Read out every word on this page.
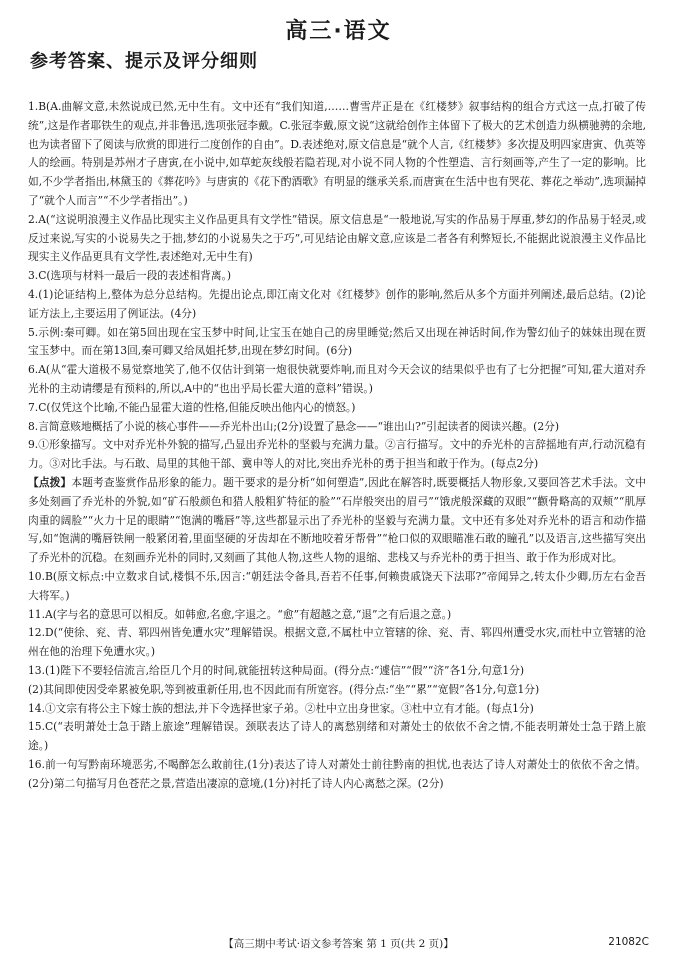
高三·语文
参考答案、提示及评分细则

1.B(A.曲解文意,未然说成已然,无中生有。文中还有“我们知道,……曹雪芹正是在《红楼梦》叙事结构的组合方式这一点,打破了传统”,这是作者耶铁生的观点,并非鲁迅,选项张冠李戴。C.张冠李戴,原文说“这就给创作主体留下了极大的艺术创造力纵横驰骋的余地,也为读者留下了阅读与欣赏的即进行二度创作的自由”。D.表述绝对,原文信息是“就个人言,《红楼梦》多次提及明四家唐寅、仇英等人的绘画。特别是苏州才子唐寅,在小说中,如草蛇灰线般若隐若现,对小说不同人物的个性塑造、言行刻画等,产生了一定的影响。比如,不少学者指出,林黛玉的《葬花吟》与唐寅的《花下酌酒歌》有明显的继承关系,而唐寅在生活中也有哭花、葬花之举动”,选项漏掉了“就个人而言”“不少学者指出”。)

2.A(“这说明浪漫主义作品比现实主义作品更具有文学性”错误。原文信息是“一般地说,写实的作品易于厚重,梦幻的作品易于轻灵,或反过来说,写实的小说易失之于拙,梦幻的小说易失之于巧”,可见结论由解文意,应该是二者各有利弊短长,不能据此说浪漫主义作品比现实主义作品更具有文学性,表述绝对,无中生有)

3.C(选项与材料一最后一段的表述相背离。)

4.(1)论证结构上,整体为总分总结构。先提出论点,即江南文化对《红楼梦》创作的影响,然后从多个方面并列阐述,最后总结。(2)论证方法上,主要运用了例证法。(4分)

5.示例:秦可卿。如在第5回出现在宝玉梦中时间,让宝玉在她自己的房里睡觉;然后又出现在神话时间,作为警幻仙子的妹妹出现在贾宝玉梦中。而在第13回,秦可卿又给凤姐托梦,出现在梦幻时间。(6分)

6.A(从“霍大道极不易觉察地笑了,他不仅估计到第一炮很快就要炸响,而且对今天会议的结果似乎也有了七分把握”可知,霍大道对乔光朴的主动请缨是有预料的,所以,A中的“也出乎局长霍大道的意料”错误。)

7.C(仅凭这个比喻,不能凸显霍大道的性格,但能反映出他内心的愤怒。)

8.言简意赅地概括了小说的核心事件——乔光朴出山;(2分)设置了悬念——“谁出山?”引起读者的阅读兴趣。(2分)

9.①形象描写。文中对乔光朴外貌的描写,凸显出乔光朴的坚毅与充满力量。②言行描写。文中的乔光朴的言辞摇地有声,行动沉稳有力。③对比手法。与石敢、局里的其他干部、冀申等人的对比,突出乔光朴的勇于担当和敢于作为。(每点2分)

【点拨】本题考查鉴赏作品形象的能力。题干要求的是分析“如何塑造”,因此在解答时,既要概括人物形象,又要回答艺术手法。文中多处刻画了乔光朴的外貌,如“矿石般颜色和猎人般粗犷特征的脸”“石岸般突出的眉弓”“饿虎般深藏的双眼”“颧骨略高的双颊”“肌厚肉重的阔脸”“火力十足的眼睛”“饱满的嘴唇”等,这些都显示出了乔光朴的坚毅与充满力量。文中还有多处对乔光朴的语言和动作描写,如“饱满的嘴唇铁闸一般紧闭着,里面坚硬的牙齿却在不断地咬着牙帮骨”“枪口似的双眼瞄准石敢的瞳孔”以及语言,这些描写突出了乔光朴的沉稳。在刻画乔光朴的同时,又刻画了其他人物,这些人物的退缩、悲栈又与乔光朴的勇于担当、敢于作为形成对比。

10.B(原文标点:中立数求自试,楼惧不乐,因言:“朝廷法令备具,吾若不任事,何赖贵戚饶天下法耶?”帝闻异之,转太仆少卿,历左右金吾大将军。)

11.A(字与名的意思可以相反。如韩愈,名愈,字退之。“愈”有超越之意,“退”之有后退之意。)

12.D(“使徐、兖、青、郓四州皆免遭水灾”理解错误。根据文意,不属杜中立管辖的徐、兖、青、郓四州遭受水灾,而杜中立管辖的沧州在他的治理下免遭水灾。)

13.(1)陛下不要轻信流言,给臣几个月的时间,就能扭转这种局面。(得分点:“遽信”“假”“济”各1分,句意1分)
(2)其间即使因受牵累被免职,等到被重新任用,也不因此而有所宽容。(得分点:“坐”“累”“宽假”各1分,句意1分)

14.①文宗有将公主下嫁士族的想法,并下令选择世家子弟。②杜中立出身世家。③杜中立有才能。(每点1分)

15.C(“表明萧处士急于踏上旅途”理解错误。颈联表达了诗人的离愁别绪和对萧处士的依依不舍之情,不能表明萧处士急于踏上旅途。)

16.前一句写黔南环境恶劣,不喝醉怎么敢前往,(1分)表达了诗人对萧处士前往黔南的担忧,也表达了诗人对萧处士的依依不舍之情。(2分)第二句描写月色苍茫之景,营造出凄凉的意境,(1分)衬托了诗人内心离愁之深。(2分)

【高三期中考试·语文参考答案 第 1 页(共 2 页)】	21082C
